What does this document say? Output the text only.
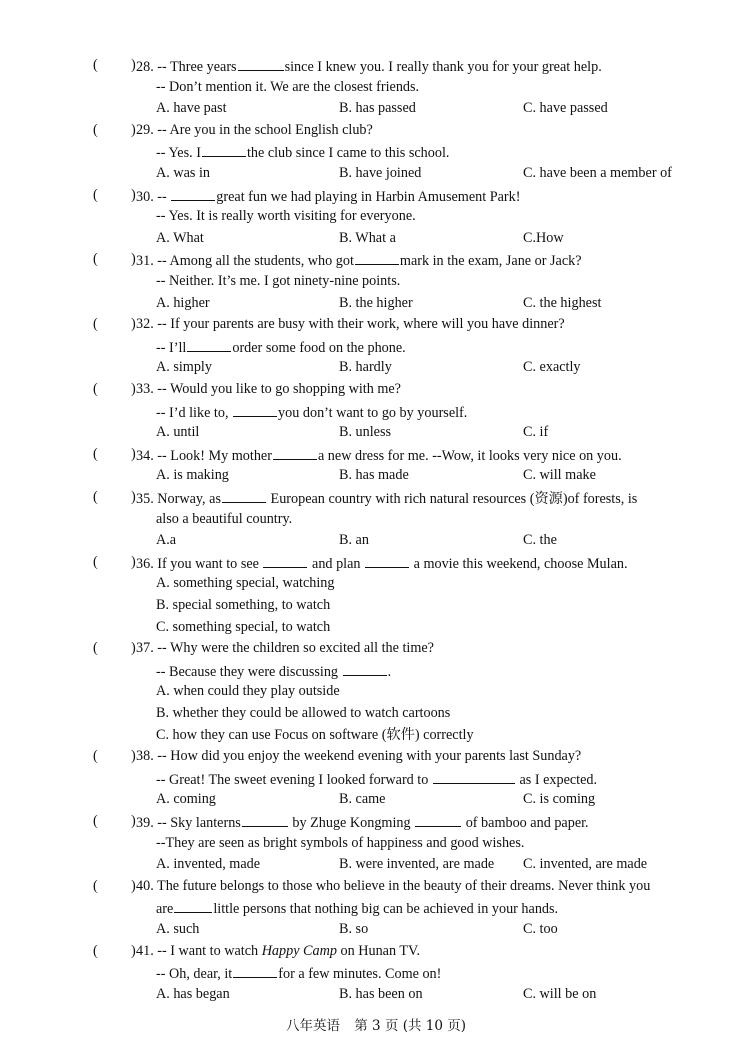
( ) 28. -- Three years	since I knew you. I really thank you for your great help.
-- Don’t mention it. We are the closest friends.
A. have past	B. has passed	C. have passed
( ) 29. -- Are you in the school English club?
-- Yes. I	the club since I came to this school.
A. was in	B. have joined	C. have been a member of
( ) 30. --	great fun we had playing in Harbin Amusement Park!
-- Yes. It is really worth visiting for everyone.
A. What	B. What a	C.How
( ) 31. -- Among all the students, who got	mark in the exam, Jane or Jack?
-- Neither. It’s me. I got ninety-nine points.
A. higher	B. the higher	C. the highest
( ) 32. -- If your parents are busy with their work, where will you have dinner?
-- I’ll	order some food on the phone.
A. simply	B. hardly	C. exactly
( ) 33. -- Would you like to go shopping with me?
-- I’d like to,	you don’t want to go by yourself.
A. until	B. unless	C. if
( ) 34. -- Look! My mother	a new dress for me. --Wow, it looks very nice on you.
A. is making	B. has made	C. will make
( ) 35. Norway, as	European country with rich natural resources (资源)of forests, is
also a beautiful country.
A.a	B. an	C. the
( ) 36. If you want to see	and plan	a movie this weekend, choose Mulan.
A. something special, watching
B. special something, to watch
C. something special, to watch
( ) 37. -- Why were the children so excited all the time?
-- Because they were discussing	.
A. when could they play outside
B. whether they could be allowed to watch cartoons
C. how they can use Focus on software (软件) correctly
( ) 38. -- How did you enjoy the weekend evening with your parents last Sunday?
-- Great! The sweet evening I looked forward to	as I expected.
A. coming	B. came	C. is coming
( ) 39. -- Sky lanterns	by Zhuge Kongming	of bamboo and paper.
--They are seen as bright symbols of happiness and good wishes.
A. invented, made	B. were invented, are made C. invented, are made
( ) 40. The future belongs to those who believe in the beauty of their dreams. Never think you
are	little persons that nothing big can be achieved in your hands.
A. such	B. so	C. too
( ) 41. -- I want to watch Happy Camp on Hunan TV.
-- Oh, dear, it	for a few minutes. Come on!
A. has began	B. has been on	C. will be on
八年英语 第 3 页 (共 10 页)
